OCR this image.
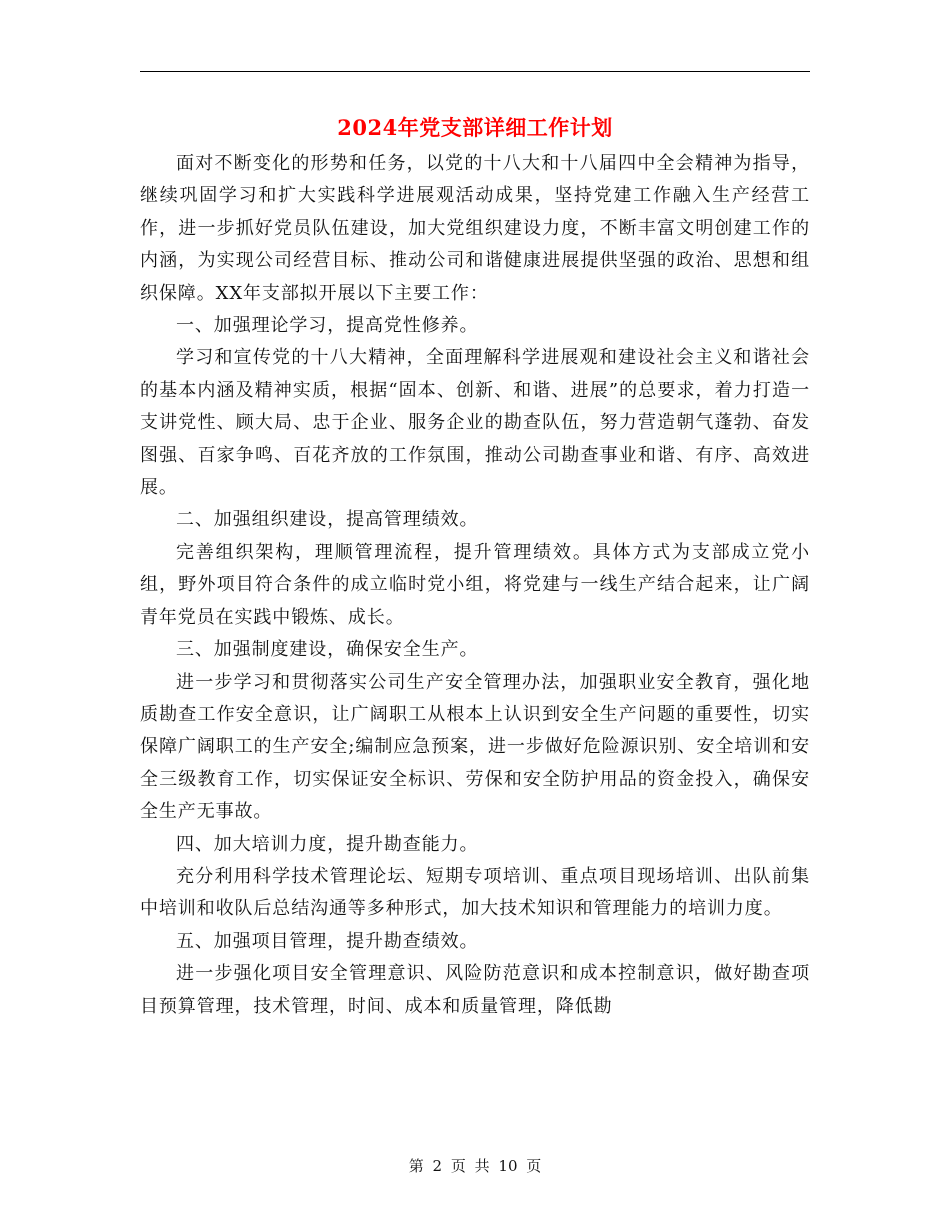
2024年党支部详细工作计划

面对不断变化的形势和任务，以党的十八大和十八届四中全会精神为指导，继续巩固学习和扩大实践科学进展观活动成果，坚持党建工作融入生产经营工作，进一步抓好党员队伍建设，加大党组织建设力度，不断丰富文明创建工作的内涵，为实现公司经营目标、推动公司和谐健康进展提供坚强的政治、思想和组织保障。XX年支部拟开展以下主要工作：

一、加强理论学习，提高党性修养。

学习和宣传党的十八大精神，全面理解科学进展观和建设社会主义和谐社会的基本内涵及精神实质，根据“固本、创新、和谐、进展”的总要求，着力打造一支讲党性、顾大局、忠于企业、服务企业的勘查队伍，努力营造朝气蓬勃、奋发图强、百家争鸣、百花齐放的工作氛围，推动公司勘查事业和谐、有序、高效进展。

二、加强组织建设，提高管理绩效。

完善组织架构，理顺管理流程，提升管理绩效。具体方式为支部成立党小组，野外项目符合条件的成立临时党小组，将党建与一线生产结合起来，让广阔青年党员在实践中锻炼、成长。

三、加强制度建设，确保安全生产。

进一步学习和贯彻落实公司生产安全管理办法，加强职业安全教育，强化地质勘查工作安全意识，让广阔职工从根本上认识到安全生产问题的重要性，切实保障广阔职工的生产安全;编制应急预案，进一步做好危险源识别、安全培训和安全三级教育工作，切实保证安全标识、劳保和安全防护用品的资金投入，确保安全生产无事故。

四、加大培训力度，提升勘查能力。

充分利用科学技术管理论坛、短期专项培训、重点项目现场培训、出队前集中培训和收队后总结沟通等多种形式，加大技术知识和管理能力的培训力度。

五、加强项目管理，提升勘查绩效。

进一步强化项目安全管理意识、风险防范意识和成本控制意识，做好勘查项目预算管理，技术管理，时间、成本和质量管理，降低勘

第 2 页 共 10 页
